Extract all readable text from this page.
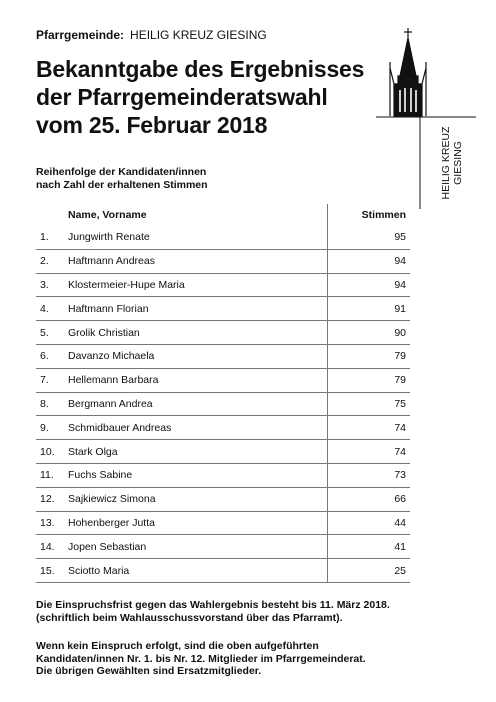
Pfarrgemeinde: HEILIG KREUZ GIESING
Bekanntgabe des Ergebnisses
der Pfarrgemeinderatswahl
vom 25. Februar 2018
HEILIG KREUZ GIESING
Reihenfolge der Kandidaten/innen
nach Zahl der erhaltenen Stimmen
	Name, Vorname	Stimmen
1.	Jungwirth Renate	95
2.	Haftmann Andreas	94
3.	Klostermeier-Hupe Maria	94
4.	Haftmann Florian	91
5.	Grolik Christian	90
6.	Davanzo Michaela	79
7.	Hellemann Barbara	79
8.	Bergmann Andrea	75
9.	Schmidbauer Andreas	74
10.	Stark Olga	74
11.	Fuchs Sabine	73
12.	Sajkiewicz Simona	66
13.	Hohenberger Jutta	44
14.	Jopen Sebastian	41
15.	Sciotto Maria	25
Die Einspruchsfrist gegen das Wahlergebnis besteht bis 11. März 2018.
(schriftlich beim Wahlausschussvorstand über das Pfarramt).
Wenn kein Einspruch erfolgt, sind die oben aufgeführten
Kandidaten/innen Nr. 1. bis Nr. 12. Mitglieder im Pfarrgemeinderat.
Die übrigen Gewählten sind Ersatzmitglieder.
